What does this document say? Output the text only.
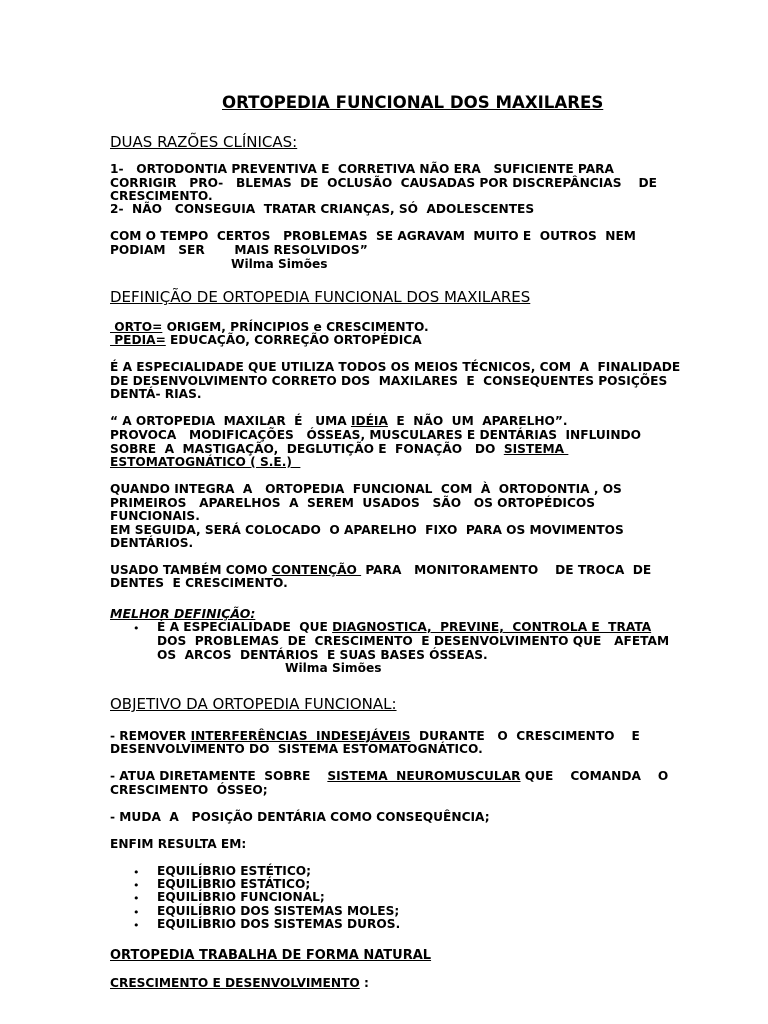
ORTOPEDIA FUNCIONAL DOS MAXILARES
DUAS RAZÕES CLÍNICAS:
1-   ORTODONTIA PREVENTIVA E  CORRETIVA NÃO ERA   SUFICIENTE PARA
CORRIGIR   PRO-   BLEMAS  DE  OCLUSÃO  CAUSADAS POR DISCREPÂNCIAS    DE
CRESCIMENTO.
2-  NÃO   CONSEGUIA  TRATAR CRIANÇAS, SÓ  ADOLESCENTES
COM O TEMPO  CERTOS   PROBLEMAS  SE AGRAVAM  MUITO E  OUTROS  NEM
PODIAM   SER       MAIS RESOLVIDOS”
Wilma Simões
DEFINIÇÃO DE ORTOPEDIA FUNCIONAL DOS MAXILARES
ORTO= ORIGEM, PRÍNCIPIOS e CRESCIMENTO.
PEDIA= EDUCAÇÃO, CORREÇÃO ORTOPÉDICA
É A ESPECIALIDADE QUE UTILIZA TODOS OS MEIOS TÉCNICOS, COM  A  FINALIDADE
DE DESENVOLVIMENTO CORRETO DOS  MAXILARES  E  CONSEQUENTES POSIÇÕES
DENTÁ- RIAS.
“ A ORTOPEDIA  MAXILAR  É   UMA IDÉIA  E  NÃO  UM  APARELHO”.
PROVOCA   MODIFICAÇÕES   ÓSSEAS, MUSCULARES E DENTÁRIAS  INFLUINDO
SOBRE  A  MASTIGAÇÃO,  DEGLUTIÇÃO E  FONAÇÃO   DO  SISTEMA
ESTOMATOGNÁTICO ( S.E.)
QUANDO INTEGRA  A   ORTOPEDIA  FUNCIONAL  COM  À  ORTODONTIA , OS
PRIMEIROS   APARELHOS  A  SEREM  USADOS   SÃO   OS ORTOPÉDICOS
FUNCIONAIS.
EM SEGUIDA, SERÁ COLOCADO  O APARELHO  FIXO  PARA OS MOVIMENTOS
DENTÁRIOS.
USADO TAMBÉM COMO CONTENÇÃO  PARA   MONITORAMENTO    DE TROCA  DE
DENTES  E CRESCIMENTO.
MELHOR DEFINIÇÃO:
• É A ESPECIALIDADE  QUE DIAGNOSTICA,  PREVINE,  CONTROLA E  TRATA
DOS  PROBLEMAS  DE  CRESCIMENTO  E DESENVOLVIMENTO QUE   AFETAM
OS  ARCOS  DENTÁRIOS  E SUAS BASES ÓSSEAS.
Wilma Simões
OBJETIVO DA ORTOPEDIA FUNCIONAL:
- REMOVER INTERFERÊNCIAS  INDESEJÁVEIS  DURANTE   O  CRESCIMENTO    E
DESENVOLVIMENTO DO  SISTEMA ESTOMATOGNÁTICO.
- ATUA DIRETAMENTE  SOBRE    SISTEMA  NEUROMUSCULAR QUE    COMANDA    O
CRESCIMENTO  ÓSSEO;
- MUDA  A   POSIÇÃO DENTÁRIA COMO CONSEQUÊNCIA;
ENFIM RESULTA EM:
• EQUILÍBRIO ESTÉTICO;
• EQUILÍBRIO ESTÁTICO;
• EQUILÍBRIO FUNCIONAL;
• EQUILÍBRIO DOS SISTEMAS MOLES;
• EQUILÍBRIO DOS SISTEMAS DUROS.
ORTOPEDIA TRABALHA DE FORMA NATURAL
CRESCIMENTO E DESENVOLVIMENTO :
